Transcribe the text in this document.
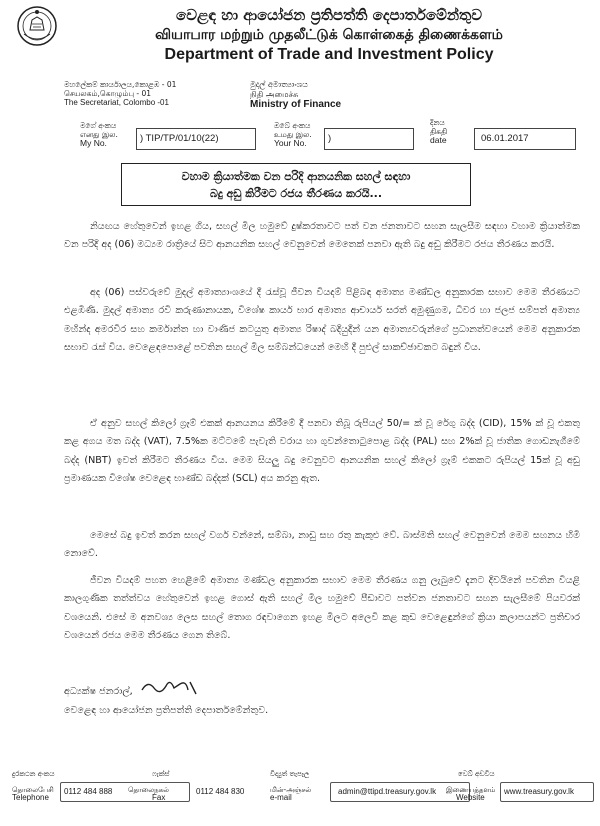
වෙළඳ හා ආයෝජන ප්‍රතිපත්ති දෙපාර්තමේන්තුව
வியாபார மற்றும் முதலீட்டுக் கொள்கைத் திணைக்களம்
Department of Trade and Investment Policy
මහලේකම් කාර්යාලය,කොළඹ - 01
செயலகம்,கொழும்பு - 01
The Secretariat, Colombo -01
මුදල් අමාත්‍යාංශය
நிதி அமைச்சு
Ministry of Finance
මගේ අංකය
எனது இல.
My No.	) TIP/TP/01/10(22)
ඔබේ අංකය
உமது இல.
Your No.	)
දිනය
திகதி
date	06.01.2017
වහාම ක්‍රියාත්මක වන පරිදි ආනයනික සහල් සඳහා
බදු අඩු කිරීමට රජය තීරණය කරයි...

නියඟය හේතුවෙන් ඉහළ ගිය, සහල් මිල හමුවේ දුෂ්කරතාවට පත් වන ජනතාවට සහන සැලසීම සඳහා වහාම ක්‍රියාත්මක වන පරිදි අද (06) මධ්‍යම රාත්‍රියේ සිට ආනයනික සහල් වෙනුවෙන් මෙතෙක් පනවා ඇති බදු අඩු කිරීමට රජය තීරණය කරයි.

අද (06) පස්වරුවේ මුදල් අමාත්‍යාංශයේ දී රැස්වූ ජීවන වියදම් පිළිබඳ අමාත්‍ය මණ්ඩල අනුකාරක සභාව මෙම තීරණයට එළඹිණි. මුදල් අමාත්‍ය රවි කරුණානායක, විශේෂ කාර්ය භාර අමාත්‍ය ආචාර්ය සරත් අමුණුගම, ධීවර හා ජලජ සම්පත් අමාත්‍ය මහින්ද අමරවීර සහ කර්මාන්ත හා වාණිජ කටයුතු අමාත්‍ය රිෂාද් බදියුදීන් යන අමාත්‍යවරුන්ගේ ප්‍රධානත්වයෙන් මෙම අනුකාරක සභාව රැස් විය. වෙළෙඳපොළේ පවතින සහල් මිල සම්බන්ධයෙන් මෙහි දී පුළුල් සාකච්ඡාවකට බඳුන් විය.

ඒ අනුව සහල් කිලෝ ග්‍රෑම් එකක් ආනයනය කිරීමේ දී පනවා තිබූ රුපියල් 50/= ක් වූ රේගු බද්ද (CID), 15% ක් වූ එකතු කළ අගය මත බද්ද (VAT), 7.5%ක මට්ටමේ පැවැති වරාය හා ගුවන්තොටුපොළ බද්ද (PAL) සහ 2%ක් වූ ජාතික ගොඩනැගීමේ බද්ද (NBT) ඉවත් කිරීමට තීරණය විය. මෙම සියලු බදු වෙනුවට ආනයනික සහල් කිලෝ ග්‍රෑම් එකකට රුපියල් 15ක් වූ අඩු ප්‍රමාණයක විශේෂ වෙළෙඳ භාණ්ඩ බද්දක් (SCL) අය කරනු ඇත.

මෙසේ බදු ඉවත් කරන සහල් වර්ග වන්නේ, සම්බා, නාඩු සහ රතු කැකුළු වේ. බාස්මති සහල් වෙනුවෙන් මෙම සහනය හිමි නොවේ.

ජීවන වියදම් පහත හෙළීමේ අමාත්‍ය මණ්ඩල අනුකාරක සභාව මෙම තීරණය ගනු ලැබුවේ දැනට දිවයිනේ පවතින වියළි කාලගුණික තත්ත්වය හේතුවෙන් ඉහළ ගොස් ඇති සහල් මිල හමුවේ පීඩාවට පත්වන ජනතාවට සහන සැලසීමේ පියවරක් වශයෙනි. එසේ ම අනවශ්‍ය ලෙස සහල් තොග රඳවාගෙන ඉහළ මිලට අලෙවි කළ කුඩ වෙළෙඳුන්ගේ ක්‍රියා කලාපයන්ට ප්‍රතිචාර වශයෙන් රජය මෙම තීරණය ගෙන තිබේ.

අධ්‍යක්ෂ ජනරාල්,
වෙළෙඳ හා ආයෝජන ප්‍රතිපත්ති දෙපාර්තමේන්තුව.
දුරකථන අංකය
தொலைபேசி
Telephone
0112 484 888
ෆැක්ස්
தொலைநகல்
Fax
0112 484 830
විද්‍යුත් තැපෑල
மின்-அஞ்சல்
e-mail
admin@ttipd.treasury.gov.lk
වෙබ් අඩවිය
இணையத்தளம்
Website
www.treasury.gov.lk
